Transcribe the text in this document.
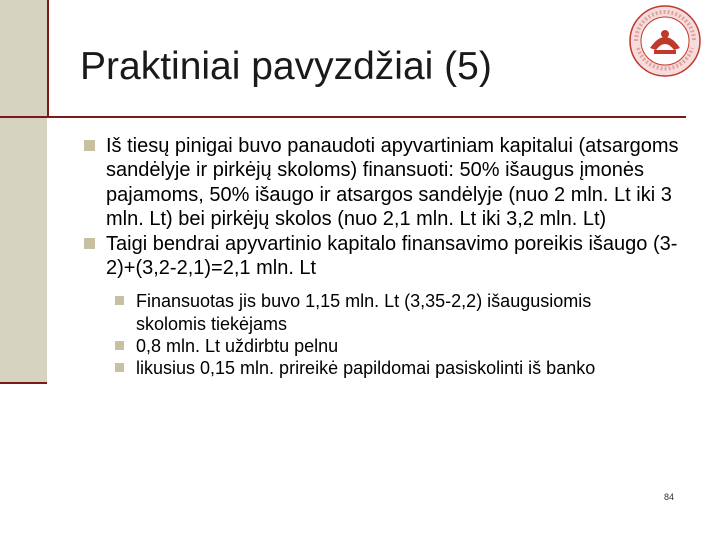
Praktiniai pavyzdžiai (5)
Iš tiesų pinigai buvo panaudoti apyvartiniam kapitalui (atsargoms sandėlyje ir pirkėjų skoloms) finansuoti: 50% išaugus įmonės pajamoms, 50% išaugo ir atsargos sandėlyje (nuo 2 mln. Lt iki 3 mln. Lt) bei pirkėjų skolos (nuo 2,1 mln. Lt iki 3,2 mln. Lt)
Taigi bendrai apyvartinio kapitalo finansavimo poreikis išaugo (3-2)+(3,2-2,1)=2,1 mln. Lt
Finansuotas jis buvo 1,15 mln. Lt (3,35-2,2) išaugusiomis skolomis tiekėjams
0,8 mln. Lt uždirbtu pelnu
likusius 0,15 mln. prireikė papildomai pasiskolinti iš banko
84
